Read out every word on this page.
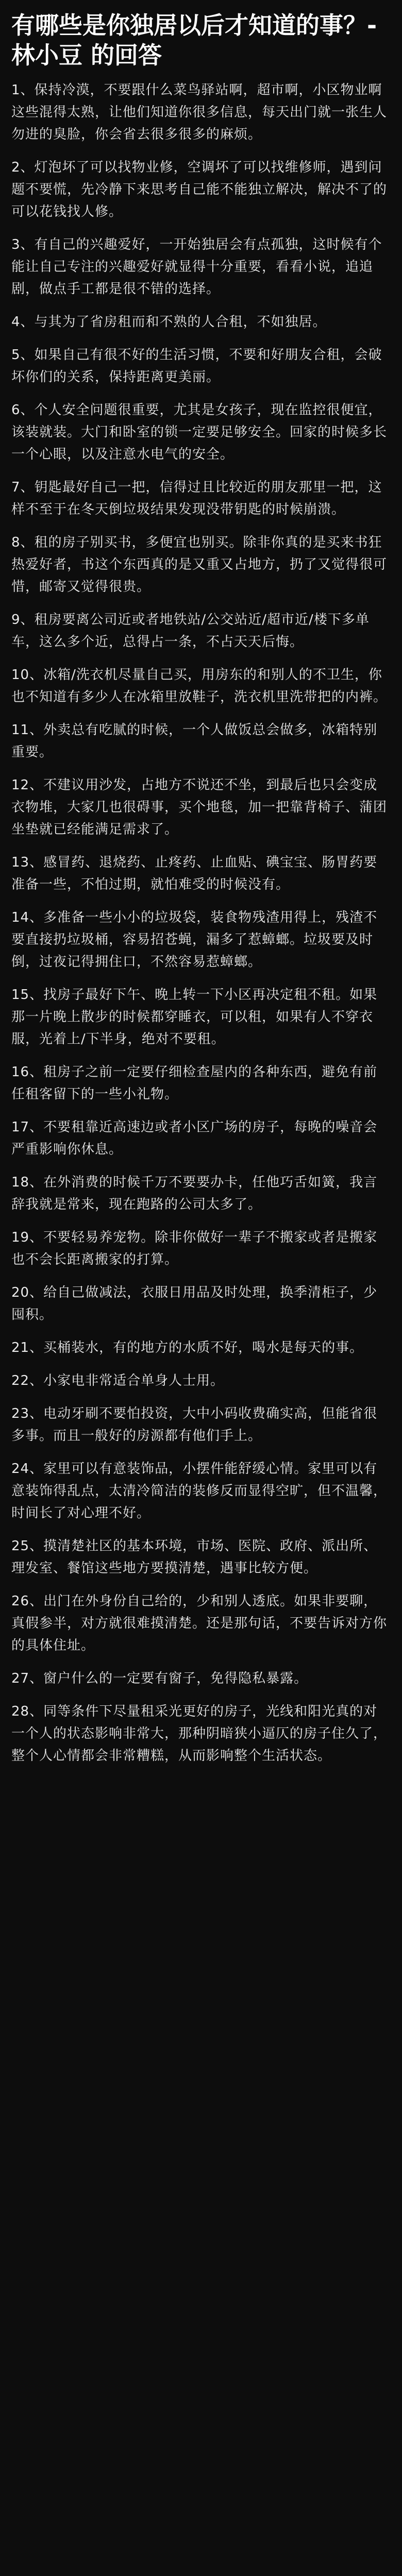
有哪些是你独居以后才知道的事？- 林小豆 的回答

1、保持冷漠，不要跟什么菜鸟驿站啊，超市啊，小区物业啊这些混得太熟，让他们知道你很多信息，每天出门就一张生人勿进的臭脸，你会省去很多很多的麻烦。

2、灯泡坏了可以找物业修，空调坏了可以找维修师，遇到问题不要慌，先冷静下来思考自己能不能独立解决，解决不了的可以花钱找人修。

3、有自己的兴趣爱好，一开始独居会有点孤独，这时候有个能让自己专注的兴趣爱好就显得十分重要，看看小说，追追剧，做点手工都是很不错的选择。

4、与其为了省房租而和不熟的人合租，不如独居。

5、如果自己有很不好的生活习惯，不要和好朋友合租，会破坏你们的关系，保持距离更美丽。

6、个人安全问题很重要，尤其是女孩子，现在监控很便宜，该装就装。大门和卧室的锁一定要足够安全。回家的时候多长一个心眼，以及注意水电气的安全。

7、钥匙最好自己一把，信得过且比较近的朋友那里一把，这样不至于在冬天倒垃圾结果发现没带钥匙的时候崩溃。

8、租的房子别买书，多便宜也别买。除非你真的是买来书狂热爱好者，书这个东西真的是又重又占地方，扔了又觉得很可惜，邮寄又觉得很贵。

9、租房要离公司近或者地铁站/公交站近/超市近/楼下多单车，这么多个近，总得占一条，不占天天后悔。

10、冰箱/洗衣机尽量自己买，用房东的和别人的不卫生，你也不知道有多少人在冰箱里放鞋子，洗衣机里洗带把的内裤。

11、外卖总有吃腻的时候，一个人做饭总会做多，冰箱特别重要。

12、不建议用沙发，占地方不说还不坐，到最后也只会变成衣物堆，大家几也很碍事，买个地毯，加一把靠背椅子、蒲团坐垫就已经能满足需求了。

13、感冒药、退烧药、止疼药、止血贴、碘宝宝、肠胃药要准备一些，不怕过期，就怕难受的时候没有。

14、多准备一些小小的垃圾袋，装食物残渣用得上，残渣不要直接扔垃圾桶，容易招苍蝇，漏多了惹蟑螂。垃圾要及时倒，过夜记得拥住口，不然容易惹蟑螂。

15、找房子最好下午、晚上转一下小区再决定租不租。如果那一片晚上散步的时候都穿睡衣，可以租，如果有人不穿衣服，光着上/下半身，绝对不要租。

16、租房子之前一定要仔细检查屋内的各种东西，避免有前任租客留下的一些小礼物。

17、不要租靠近高速边或者小区广场的房子，每晚的噪音会严重影响你休息。

18、在外消费的时候千万不要要办卡，任他巧舌如簧，我言辞我就是常来，现在跑路的公司太多了。

19、不要轻易养宠物。除非你做好一辈子不搬家或者是搬家也不会长距离搬家的打算。

20、给自己做减法，衣服日用品及时处理，换季清柜子，少囤积。

21、买桶装水，有的地方的水质不好，喝水是每天的事。

22、小家电非常适合单身人士用。

23、电动牙刷不要怕投资，大中小码收费确实高，但能省很多事。而且一般好的房源都有他们手上。

24、家里可以有意装饰品，小摆件能舒缓心情。家里可以有意装饰得乱点，太清冷简洁的装修反而显得空旷，但不温馨，时间长了对心理不好。

25、摸清楚社区的基本环境，市场、医院、政府、派出所、理发室、餐馆这些地方要摸清楚，遇事比较方便。

26、出门在外身份自己给的，少和别人透底。如果非要聊，真假参半，对方就很难摸清楚。还是那句话，不要告诉对方你的具体住址。

27、窗户什么的一定要有窗子，免得隐私暴露。

28、同等条件下尽量租采光更好的房子，光线和阳光真的对一个人的状态影响非常大，那种阴暗狭小逼仄的房子住久了，整个人心情都会非常糟糕，从而影响整个生活状态。
